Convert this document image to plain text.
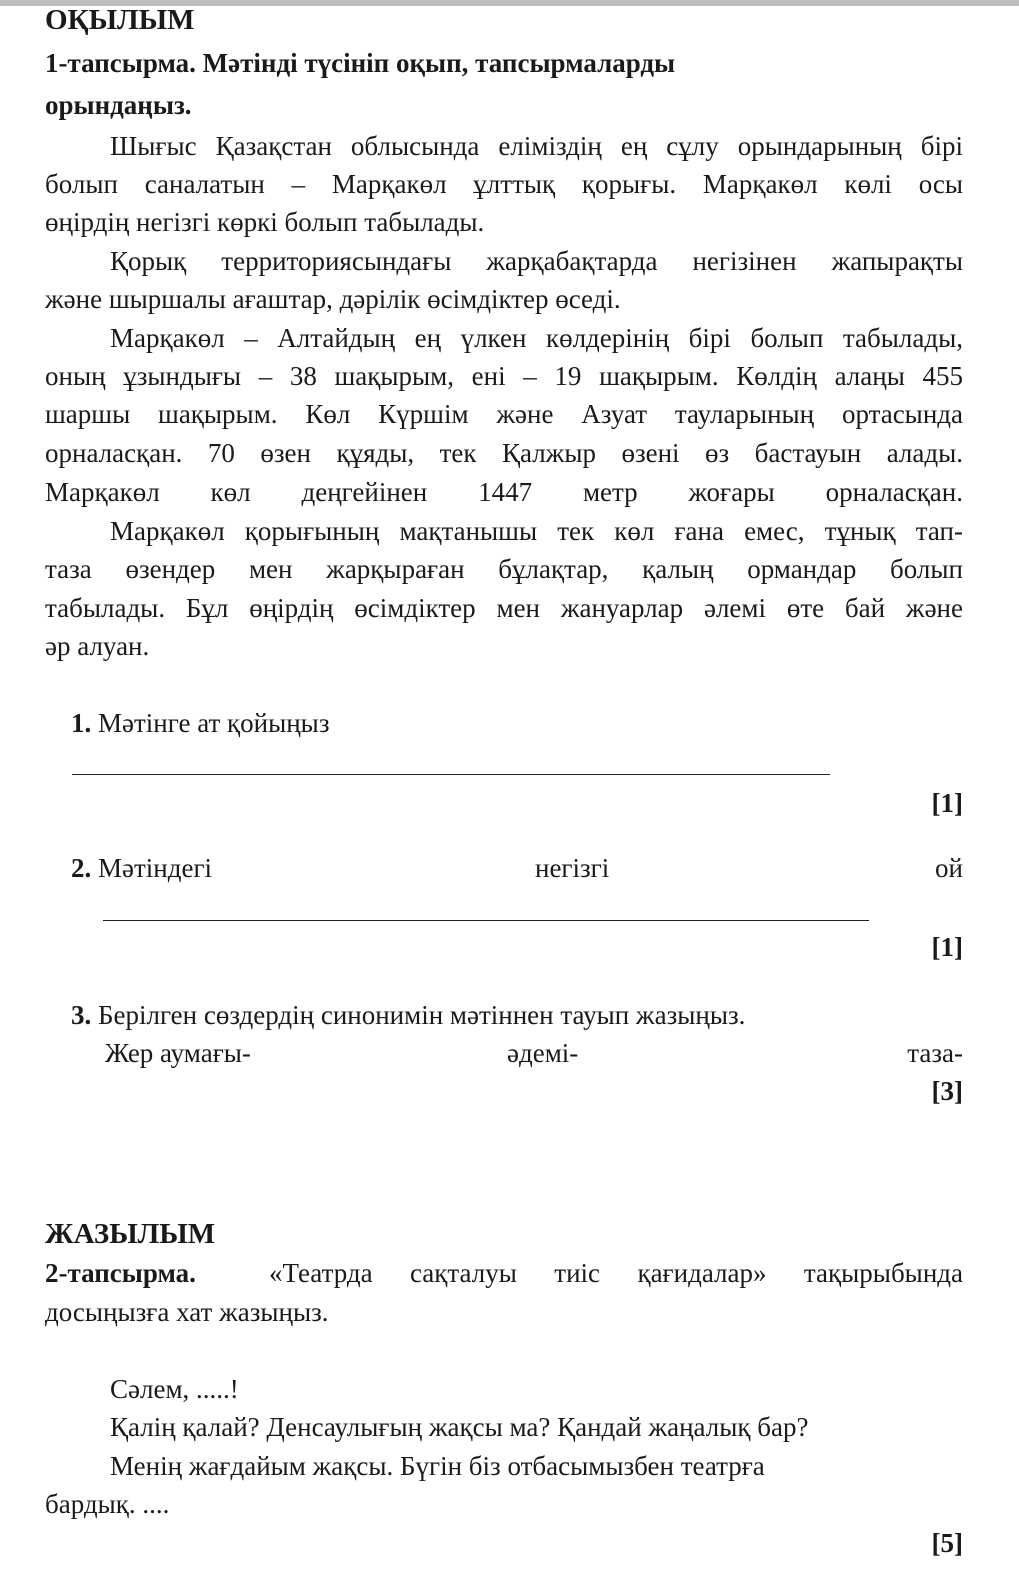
ОҚЫЛЫМ
1-тапсырма. Мәтінді түсініп оқып, тапсырмаларды
орындаңыз.
Шығыс Қазақстан облысында еліміздің ең сұлу орындарының бірі
болып саналатын – Марқакөл ұлттық қорығы. Марқакөл көлі осы
өңірдің негізгі көркі болып табылады.
Қорық территориясындағы жарқабақтарда негізінен жапырақты
және шыршалы ағаштар, дәрілік өсімдіктер өседі.
Марқакөл – Алтайдың ең үлкен көлдерінің бірі болып табылады,
оның ұзындығы – 38 шақырым, ені – 19 шақырым. Көлдің алаңы 455
шаршы шақырым. Көл Күршім және Азуат тауларының ортасында
орналасқан. 70 өзен құяды, тек Қалжыр өзені өз бастауын алады.
Марқакөл көл деңгейінен 1447 метр жоғары орналасқан.
Марқакөл қорығының мақтанышы тек көл ғана емес, тұнық тап-
таза өзендер мен жарқыраған бұлақтар, қалың ормандар болып
табылады. Бұл өңірдің өсімдіктер мен жануарлар әлемі өте бай және
әр алуан.
1. Мәтінге ат қойыңыз
[1]
2. Мәтіндегі	негізгі	ой
[1]
3. Берілген сөздердің синонимін мәтіннен тауып жазыңыз.
Жер аумағы-	әдемі-	таза-
[3]
ЖАЗЫЛЫМ
2-тапсырма.	«Театрда сақталуы тиіс қағидалар» тақырыбында
досыңызға хат жазыңыз.
Сәлем, .....!
Қалің қалай? Денсаулығың жақсы ма? Қандай жаңалық бар?
Менің жағдайым жақсы. Бүгін біз отбасымызбен театрға
бардық. ....
[5]
